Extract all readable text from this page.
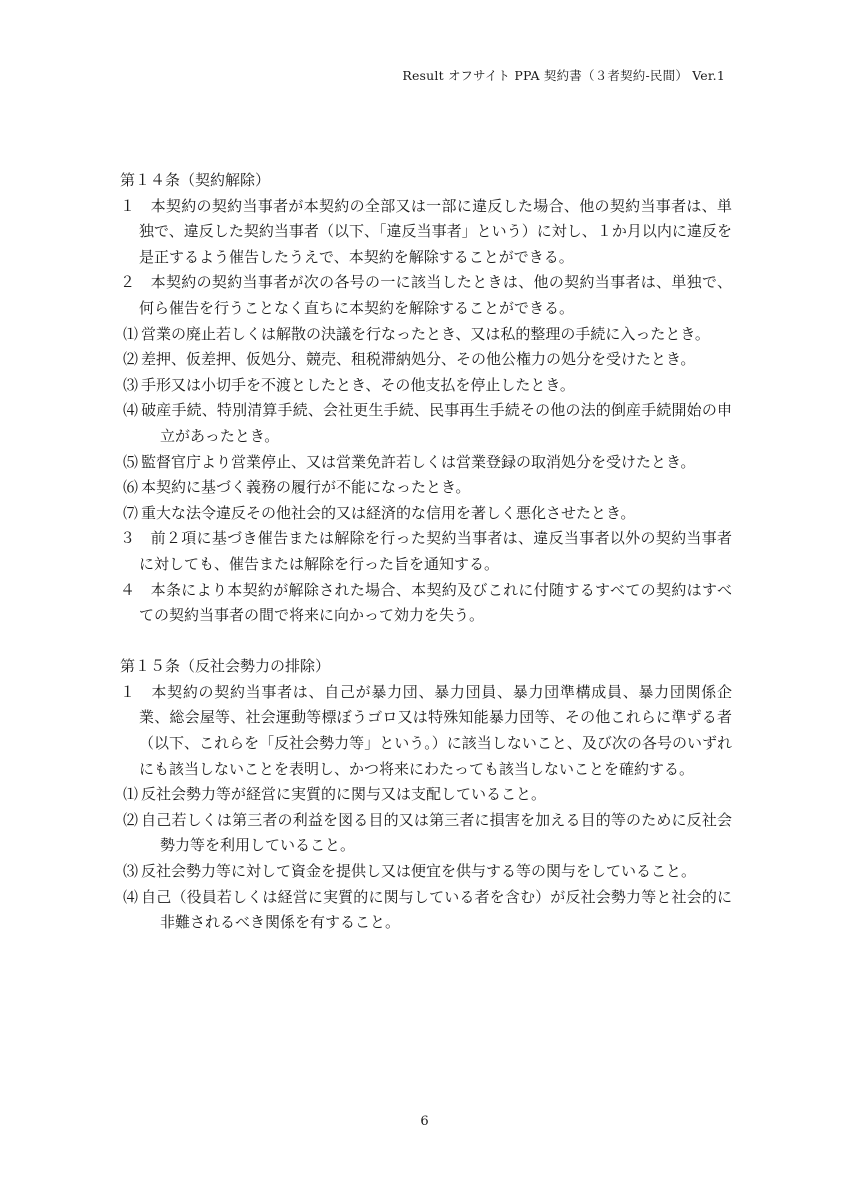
Result オフサイト PPA 契約書（３者契約-民間） Ver.1

第１４条（契約解除）

１　本契約の契約当事者が本契約の全部又は一部に違反した場合、他の契約当事者は、単独で、違反した契約当事者（以下、「違反当事者」という）に対し、１か月以内に違反を是正するよう催告したうえで、本契約を解除することができる。

２　本契約の契約当事者が次の各号の一に該当したときは、他の契約当事者は、単独で、何ら催告を行うことなく直ちに本契約を解除することができる。

⑴営業の廃止若しくは解散の決議を行なったとき、又は私的整理の手続に入ったとき。

⑵差押、仮差押、仮処分、競売、租税滞納処分、その他公権力の処分を受けたとき。

⑶手形又は小切手を不渡としたとき、その他支払を停止したとき。

⑷破産手続、特別清算手続、会社更生手続、民事再生手続その他の法的倒産手続開始の申立があったとき。

⑸監督官庁より営業停止、又は営業免許若しくは営業登録の取消処分を受けたとき。

⑹本契約に基づく義務の履行が不能になったとき。

⑺重大な法令違反その他社会的又は経済的な信用を著しく悪化させたとき。

３　前２項に基づき催告または解除を行った契約当事者は、違反当事者以外の契約当事者に対しても、催告または解除を行った旨を通知する。

４　本条により本契約が解除された場合、本契約及びこれに付随するすべての契約はすべての契約当事者の間で将来に向かって効力を失う。

第１５条（反社会勢力の排除）

１　本契約の契約当事者は、自己が暴力団、暴力団員、暴力団準構成員、暴力団関係企業、総会屋等、社会運動等標ぼうゴロ又は特殊知能暴力団等、その他これらに準ずる者（以下、これらを「反社会勢力等」という。）に該当しないこと、及び次の各号のいずれにも該当しないことを表明し、かつ将来にわたっても該当しないことを確約する。

⑴反社会勢力等が経営に実質的に関与又は支配していること。

⑵自己若しくは第三者の利益を図る目的又は第三者に損害を加える目的等のために反社会勢力等を利用していること。

⑶反社会勢力等に対して資金を提供し又は便宜を供与する等の関与をしていること。

⑷自己（役員若しくは経営に実質的に関与している者を含む）が反社会勢力等と社会的に非難されるべき関係を有すること。

6
